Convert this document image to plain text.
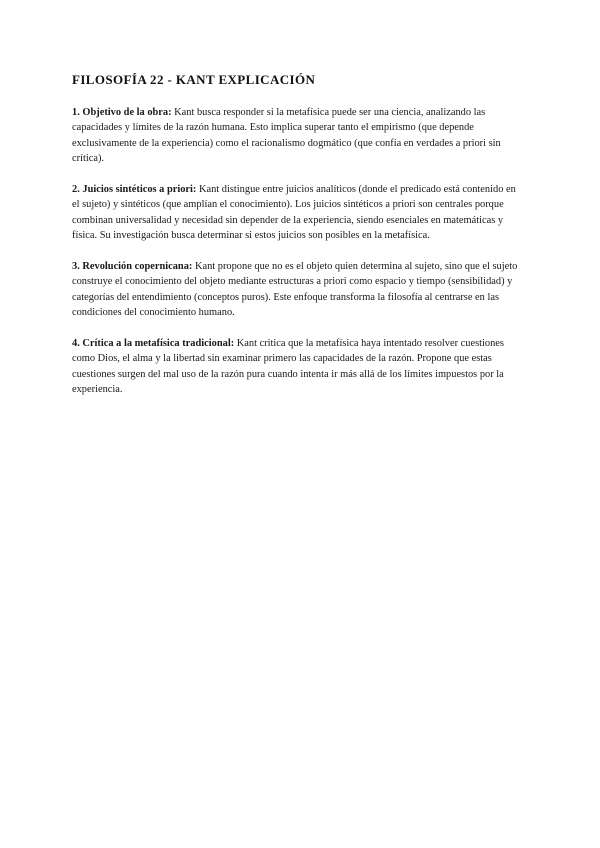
FILOSOFÍA 22 - KANT EXPLICACIÓN

1. Objetivo de la obra: Kant busca responder si la metafísica puede ser una ciencia, analizando las capacidades y límites de la razón humana. Esto implica superar tanto el empirismo (que depende exclusivamente de la experiencia) como el racionalismo dogmático (que confía en verdades a priori sin crítica).

2. Juicios sintéticos a priori: Kant distingue entre juicios analíticos (donde el predicado está contenido en el sujeto) y sintéticos (que amplían el conocimiento). Los juicios sintéticos a priori son centrales porque combinan universalidad y necesidad sin depender de la experiencia, siendo esenciales en matemáticas y física. Su investigación busca determinar si estos juicios son posibles en la metafísica.

3. Revolución copernicana: Kant propone que no es el objeto quien determina al sujeto, sino que el sujeto construye el conocimiento del objeto mediante estructuras a priori como espacio y tiempo (sensibilidad) y categorías del entendimiento (conceptos puros). Este enfoque transforma la filosofía al centrarse en las condiciones del conocimiento humano.

4. Crítica a la metafísica tradicional: Kant critica que la metafísica haya intentado resolver cuestiones como Dios, el alma y la libertad sin examinar primero las capacidades de la razón. Propone que estas cuestiones surgen del mal uso de la razón pura cuando intenta ir más allá de los límites impuestos por la experiencia.
